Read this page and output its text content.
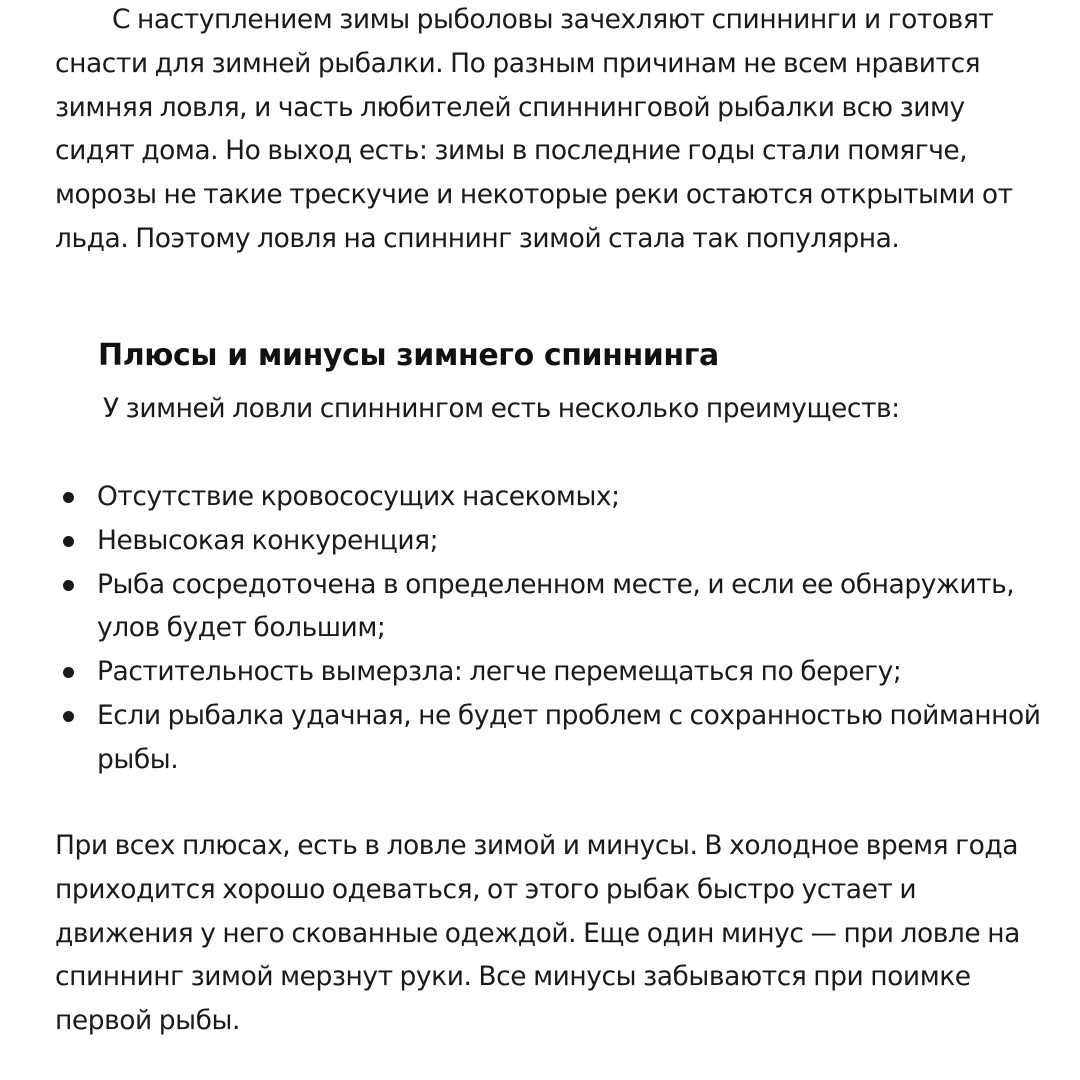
С наступлением зимы рыболовы зачехляют спиннинги и готовят снасти для зимней рыбалки. По разным причинам не всем нравится зимняя ловля, и часть любителей спиннинговой рыбалки всю зиму сидят дома. Но выход есть: зимы в последние годы стали помягче, морозы не такие трескучие и некоторые реки остаются открытыми от льда. Поэтому ловля на спиннинг зимой стала так популярна.

Плюсы и минусы зимнего спиннинга

У зимней ловли спиннингом есть несколько преимуществ:

Отсутствие кровососущих насекомых;
Невысокая конкуренция;
Рыба сосредоточена в определенном месте, и если ее обнаружить, улов будет большим;
Растительность вымерзла: легче перемещаться по берегу;
Если рыбалка удачная, не будет проблем с сохранностью пойманной рыбы.

При всех плюсах, есть в ловле зимой и минусы. В холодное время года приходится хорошо одеваться, от этого рыбак быстро устает и движения у него скованные одеждой. Еще один минус — при ловле на спиннинг зимой мерзнут руки. Все минусы забываются при поимке первой рыбы.
